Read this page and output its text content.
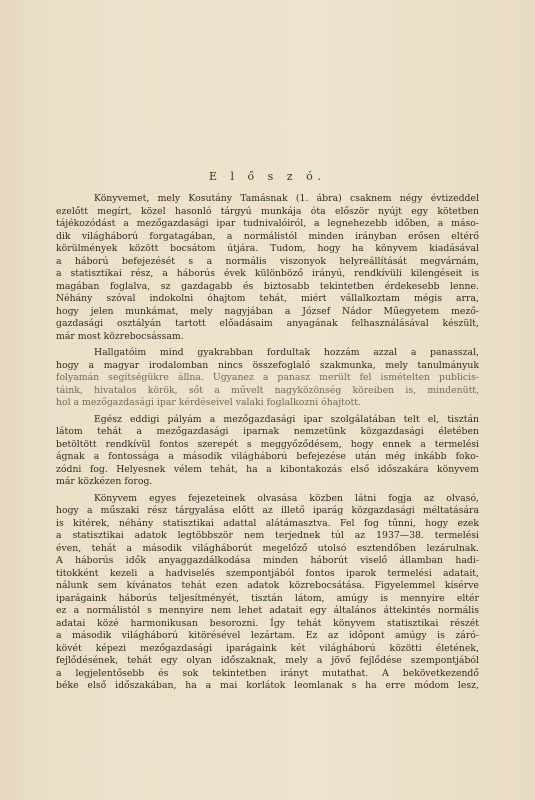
E l ő s z ó.

Könyvemet, mely Kosutány Tamásnak (1. ábra) csaknem négy évtizeddel

ezelőtt megírt, közel hasonló tárgyú munkája óta először nyújt egy kötetben

tájékozódást a mezőgazdasági ipar tudnivalóiról, a legnehezebb időben, a máso-

dik világháború forgatagában, a normálistól minden irányban erősen eltérő

körülmények között bocsátom útjára. Tudom, hogy ha könyvem kiadásával

a háború befejezését s a normális viszonyok helyreállítását megvárnám,

a statisztikai rész, a háborús évek különböző irányú, rendkívüli kilengéseit is

magában foglalva, sz gazdagabb és biztosabb tekintetben érdekesebb lenne.

Néhány szóval indokolni óhajtom tehát, miért vállalkoztam mégis arra,

hogy jelen munkámat, mely nagyjában a József Nádor Műegyetem mező-

gazdasági osztályán tartott előadásaim anyagának felhasználásával készült,

már most közrebocsássam.

Hallgatóim mind gyakrabban fordultak hozzám azzal a panasszal,

hogy a magyar irodalomban nincs összefoglaló szakmunka, mely tanulmányuk

folyamán segítségükre állna. Ugyanez a panasz merült fel ismételten publicis-

táink, hivatalos körök, sőt a művelt nagyközönség köreiben is, mindenütt,

hol a mezőgazdasági ipar kérdéseivel valaki foglalkozni óhajtott.

Egész eddigi pályám a mezőgazdasági ipar szolgálatában telt el, tisztán

látom tehát a mezőgazdasági iparnak nemzetünk közgazdasági életében

betöltött rendkívül fontos szerepét s meggyőződésem, hogy ennek a termelési

ágnak a fontossága a második világháború befejezése után még inkább foko-

zódni fog. Helyesnek vélem tehát, ha a kibontakozás első időszakára könyvem

már közkézen forog.

Könyvem egyes fejezeteinek olvasása közben látni fogja az olvasó,

hogy a műszaki rész tárgyalása előtt az illető iparág közgazdasági méltatására

is kitérek, néhány statisztikai adattal alátámasztva. Fel fog tűnni, hogy ezek

a statisztikai adatok legtöbbször nem terjednek túl az 1937—38. termelési

éven, tehát a második világháborút megelőző utolsó esztendőben lezárulnak.

A háborús idők anyaggazdálkodása minden háborút viselő államban hadi-

titokként kezeli a hadviselés szempontjából fontos iparok termelési adatait,

nálunk sem kívánatos tehát ezen adatok közrebocsátása. Figyelemmel kísérve

iparágaink háborús teljesítményét, tisztán látom, amúgy is mennyire eltér

ez a normálistól s mennyire nem lehet adatait egy általános áttekintés normális

adatai közé harmonikusan besorozni. Így tehát könyvem statisztikai részét

a második világháború kitörésével lezártam. Ez az időpont amúgy is záró-

kövét képezi mezőgazdasági iparágaink két világháború közötti életének,

fejlődésének, tehát egy olyan időszaknak, mely a jövő fejlődése szempontjából

a legjelentősebb és sok tekintetben irányt mutathat. A bekövetkezendő

béke első időszakában, ha a mai korlátok leomlanak s ha erre módom lesz,
